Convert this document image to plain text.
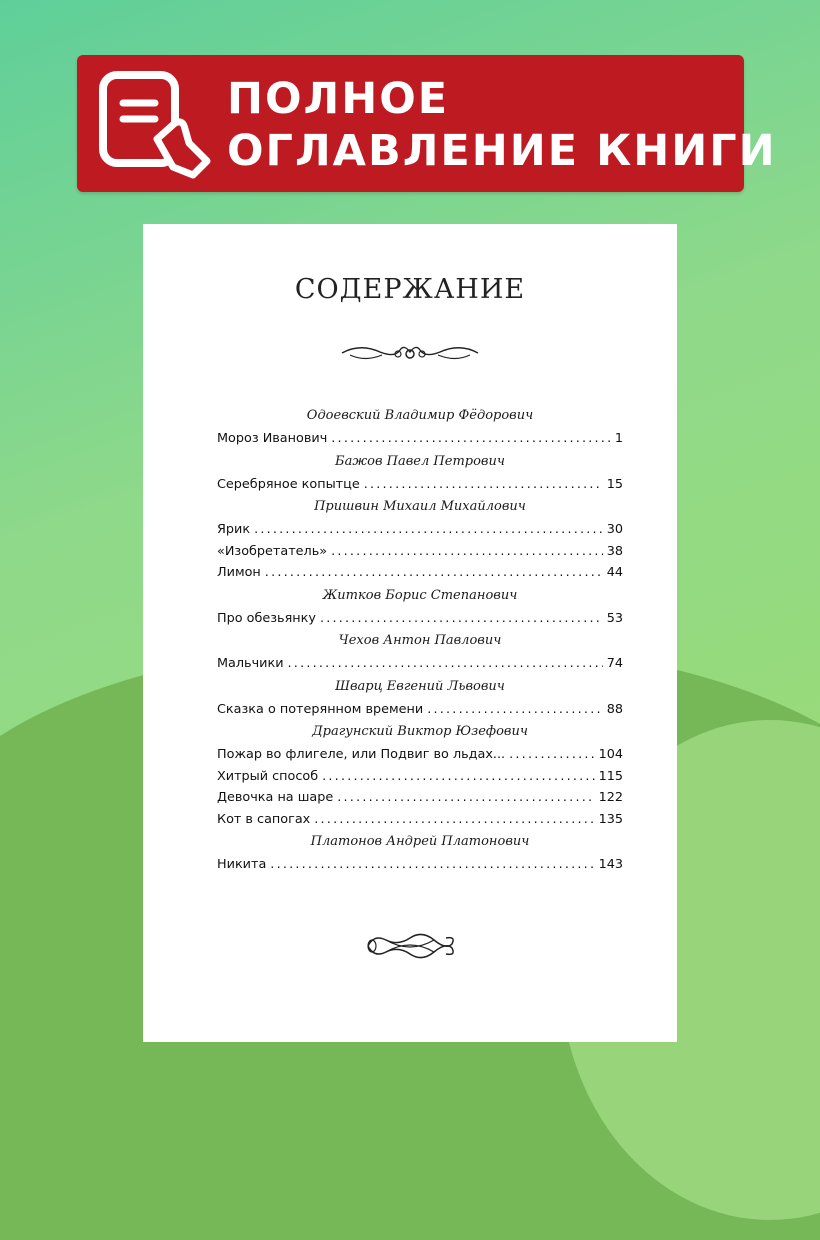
ПОЛНОЕ
ОГЛАВЛЕНИЕ КНИГИ
СОДЕРЖАНИЕ
Одоевский Владимир Фёдорович
Мороз Иванович .....	1
Бажов Павел Петрович
Серебряное копытце .....	15
Пришвин Михаил Михайлович
Ярик .....	30
«Изобретатель» .....	38
Лимон .....	44
Житков Борис Степанович
Про обезьянку .....	53
Чехов Антон Павлович
Мальчики .....	74
Шварц Евгений Львович
Сказка о потерянном времени .....	88
Драгунский Виктор Юзефович
Пожар во флигеле, или Подвиг во льдах... .....	104
Хитрый способ .....	115
Девочка на шаре .....	122
Кот в сапогах .....	135
Платонов Андрей Платонович
Никита .....	143
